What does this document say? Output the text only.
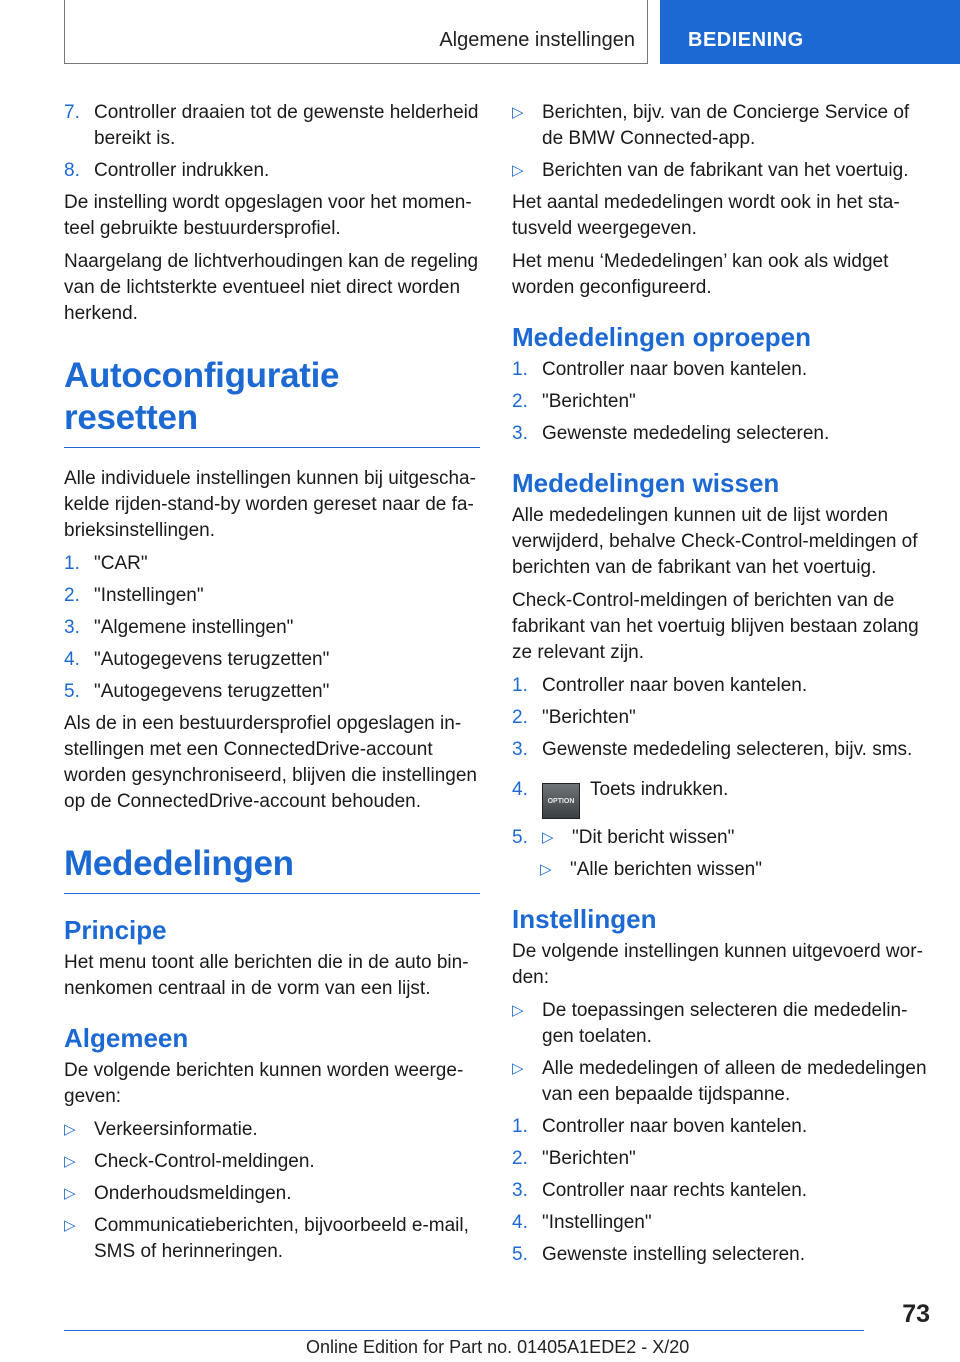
Algemene instellingen	BEDIENING
7. Controller draaien tot de gewenste helderheid bereikt is.
8. Controller indrukken.

De instelling wordt opgeslagen voor het momenteel gebruikte bestuurdersprofiel.

Naargelang de lichtverhoudingen kan de regeling van de lichtsterkte eventueel niet direct worden herkend.

Autoconfiguratie resetten

Alle individuele instellingen kunnen bij uitgeschakelde rijden-stand-by worden gereset naar de fabrieksinstellingen.

1. "CAR"
2. "Instellingen"
3. "Algemene instellingen"
4. "Autogegevens terugzetten"
5. "Autogegevens terugzetten"

Als de in een bestuurdersprofiel opgeslagen instellingen met een ConnectedDrive-account worden gesynchroniseerd, blijven die instellingen op de ConnectedDrive-account behouden.

Mededelingen
Principe

Het menu toont alle berichten die in de auto binnenkomen centraal in de vorm van een lijst.

Algemeen

De volgende berichten kunnen worden weergegeven:

▷ Verkeersinformatie.
▷ Check-Control-meldingen.
▷ Onderhoudsmeldingen.
▷ Communicatieberichten, bijvoorbeeld e-mail, SMS of herinneringen.
▷ Berichten, bijv. van de Concierge Service of de BMW Connected-app.
▷ Berichten van de fabrikant van het voertuig.

Het aantal mededelingen wordt ook in het statusveld weergegeven.

Het menu ‘Mededelingen’ kan ook als widget worden geconfigureerd.

Mededelingen oproepen
1. Controller naar boven kantelen.
2. "Berichten"
3. Gewenste mededeling selecteren.
Mededelingen wissen

Alle mededelingen kunnen uit de lijst worden verwijderd, behalve Check-Control-meldingen of berichten van de fabrikant van het voertuig.

Check-Control-meldingen of berichten van de fabrikant van het voertuig blijven bestaan zolang ze relevant zijn.

1. Controller naar boven kantelen.
2. "Berichten"
3. Gewenste mededeling selecteren, bijv. sms.
4.
OPTIONToets indrukken.
5. ▷ "Dit bericht wissen"
▷ "Alle berichten wissen"
Instellingen

De volgende instellingen kunnen uitgevoerd worden:

▷ De toepassingen selecteren die mededelingen toelaten.
▷ Alle mededelingen of alleen de mededelingen van een bepaalde tijdspanne.
1. Controller naar boven kantelen.
2. "Berichten"
3. Controller naar rechts kantelen.
4. "Instellingen"
5. Gewenste instelling selecteren.
73
Online Edition for Part no. 01405A1EDE2 - X/20
